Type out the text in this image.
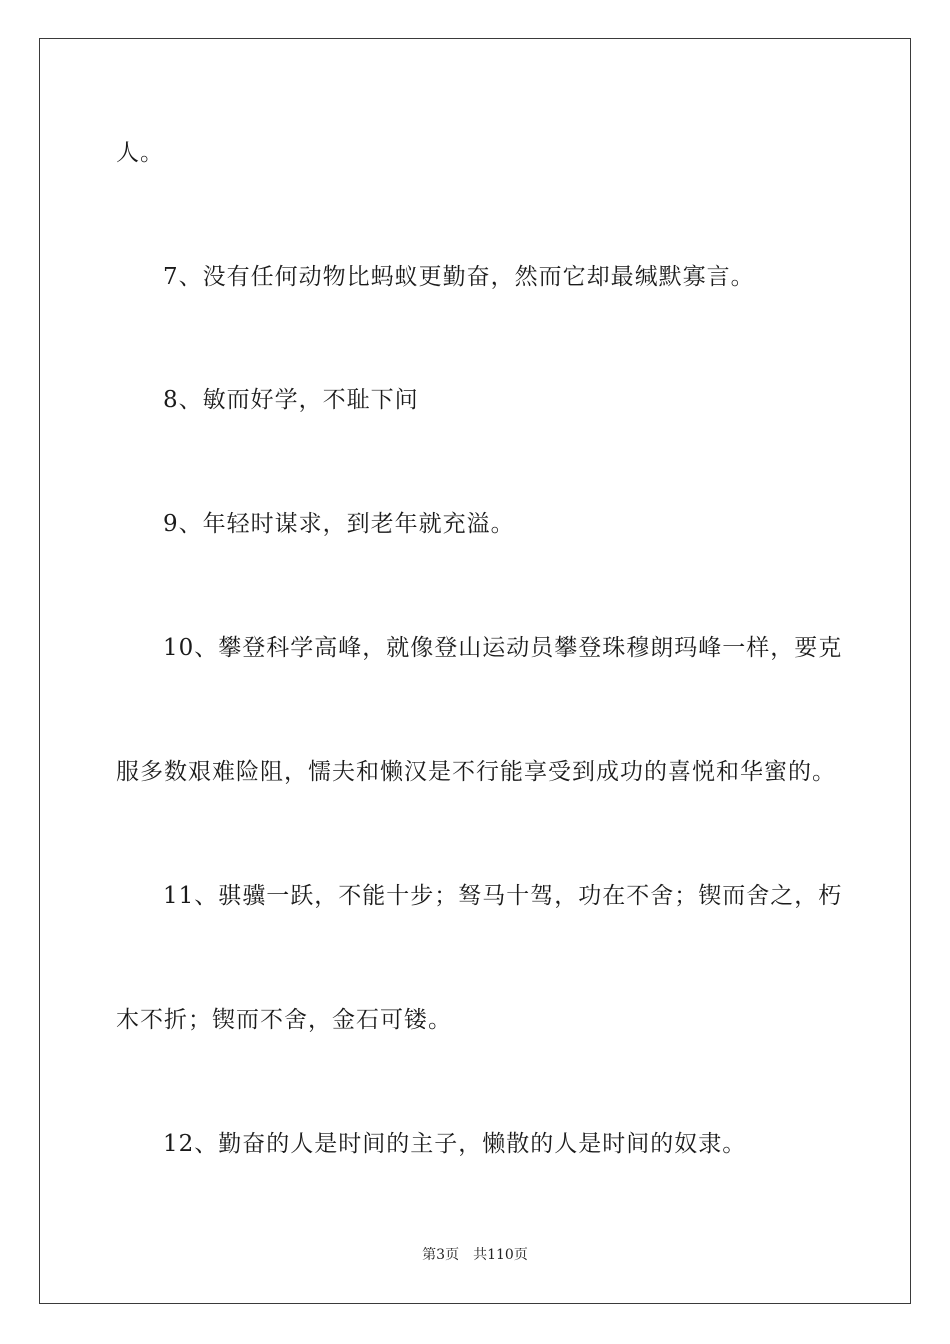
人。
7、没有任何动物比蚂蚁更勤奋，然而它却最缄默寡言。
8、敏而好学，不耻下问
9、年轻时谋求，到老年就充溢。
10、攀登科学高峰，就像登山运动员攀登珠穆朗玛峰一样，要克
服多数艰难险阻，懦夫和懒汉是不行能享受到成功的喜悦和华蜜的。
11、骐骥一跃，不能十步；驽马十驾，功在不舍；锲而舍之，朽
木不折；锲而不舍，金石可镂。
12、勤奋的人是时间的主子，懒散的人是时间的奴隶。
第3页 共110页
